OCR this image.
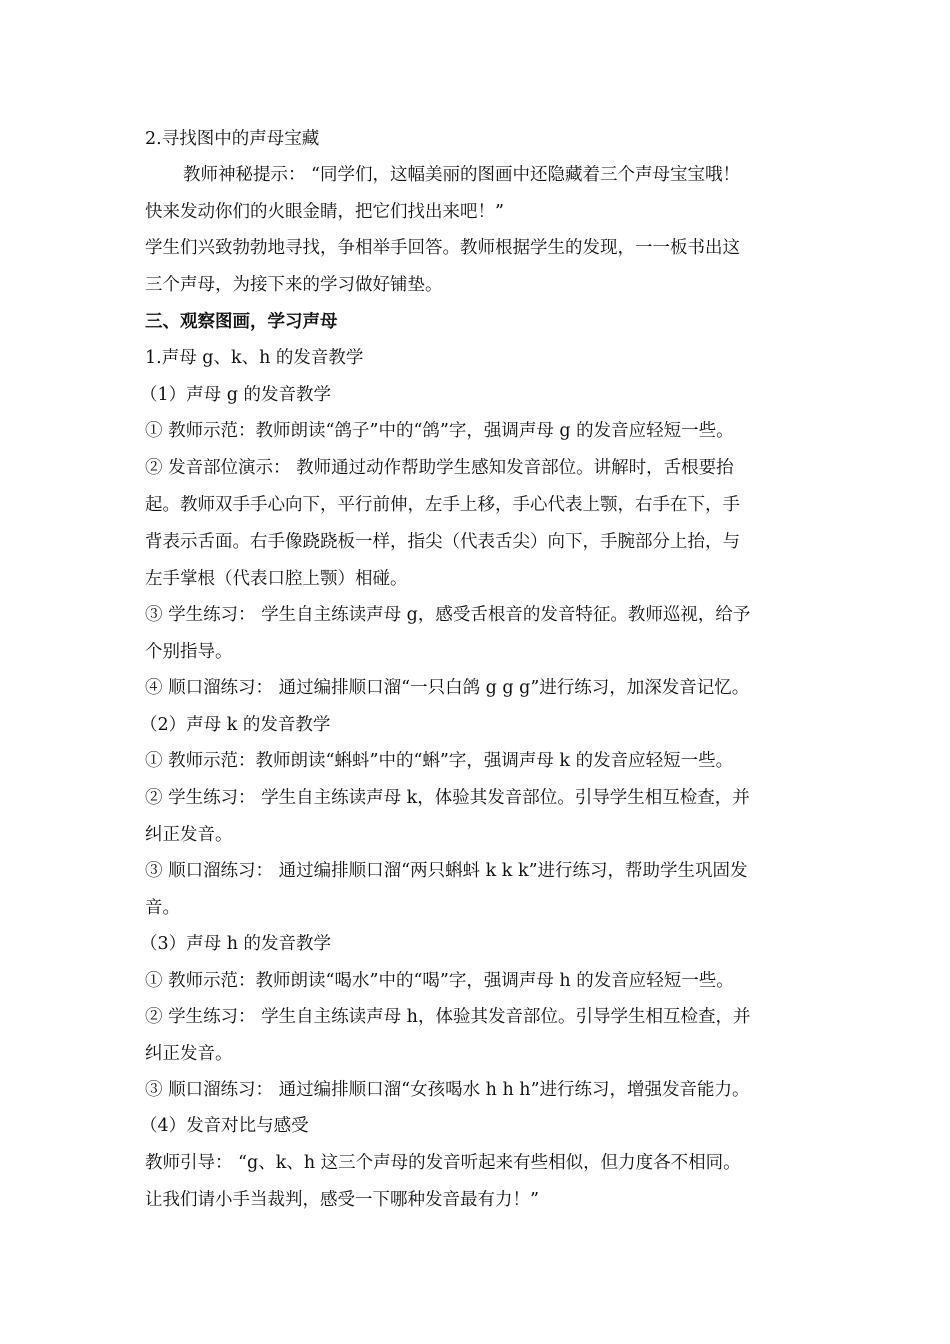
2.寻找图中的声母宝藏
教师神秘提示： “同学们，这幅美丽的图画中还隐藏着三个声母宝宝哦！
快来发动你们的火眼金睛，把它们找出来吧！”
学生们兴致勃勃地寻找，争相举手回答。教师根据学生的发现，一一板书出这
三个声母，为接下来的学习做好铺垫。
三、观察图画，学习声母
1.声母 g、k、h 的发音教学
（1）声母 g 的发音教学
① 教师示范：教师朗读“鸽子”中的“鸽”字，强调声母 g 的发音应轻短一些。
② 发音部位演示： 教师通过动作帮助学生感知发音部位。讲解时，舌根要抬
起。教师双手手心向下，平行前伸，左手上移，手心代表上颚，右手在下，手
背表示舌面。右手像跷跷板一样，指尖（代表舌尖）向下，手腕部分上抬，与
左手掌根（代表口腔上颚）相碰。
③ 学生练习： 学生自主练读声母 g，感受舌根音的发音特征。教师巡视，给予
个别指导。
④ 顺口溜练习： 通过编排顺口溜“一只白鸽 g g g”进行练习，加深发音记忆。
（2）声母 k 的发音教学
① 教师示范：教师朗读“蝌蚪”中的“蝌”字，强调声母 k 的发音应轻短一些。
② 学生练习： 学生自主练读声母 k，体验其发音部位。引导学生相互检查，并
纠正发音。
③ 顺口溜练习： 通过编排顺口溜“两只蝌蚪 k k k”进行练习，帮助学生巩固发
音。
（3）声母 h 的发音教学
① 教师示范：教师朗读“喝水”中的“喝”字，强调声母 h 的发音应轻短一些。
② 学生练习： 学生自主练读声母 h，体验其发音部位。引导学生相互检查，并
纠正发音。
③ 顺口溜练习： 通过编排顺口溜“女孩喝水 h h h”进行练习，增强发音能力。
（4）发音对比与感受
教师引导： “g、k、h 这三个声母的发音听起来有些相似，但力度各不相同。
让我们请小手当裁判，感受一下哪种发音最有力！”
